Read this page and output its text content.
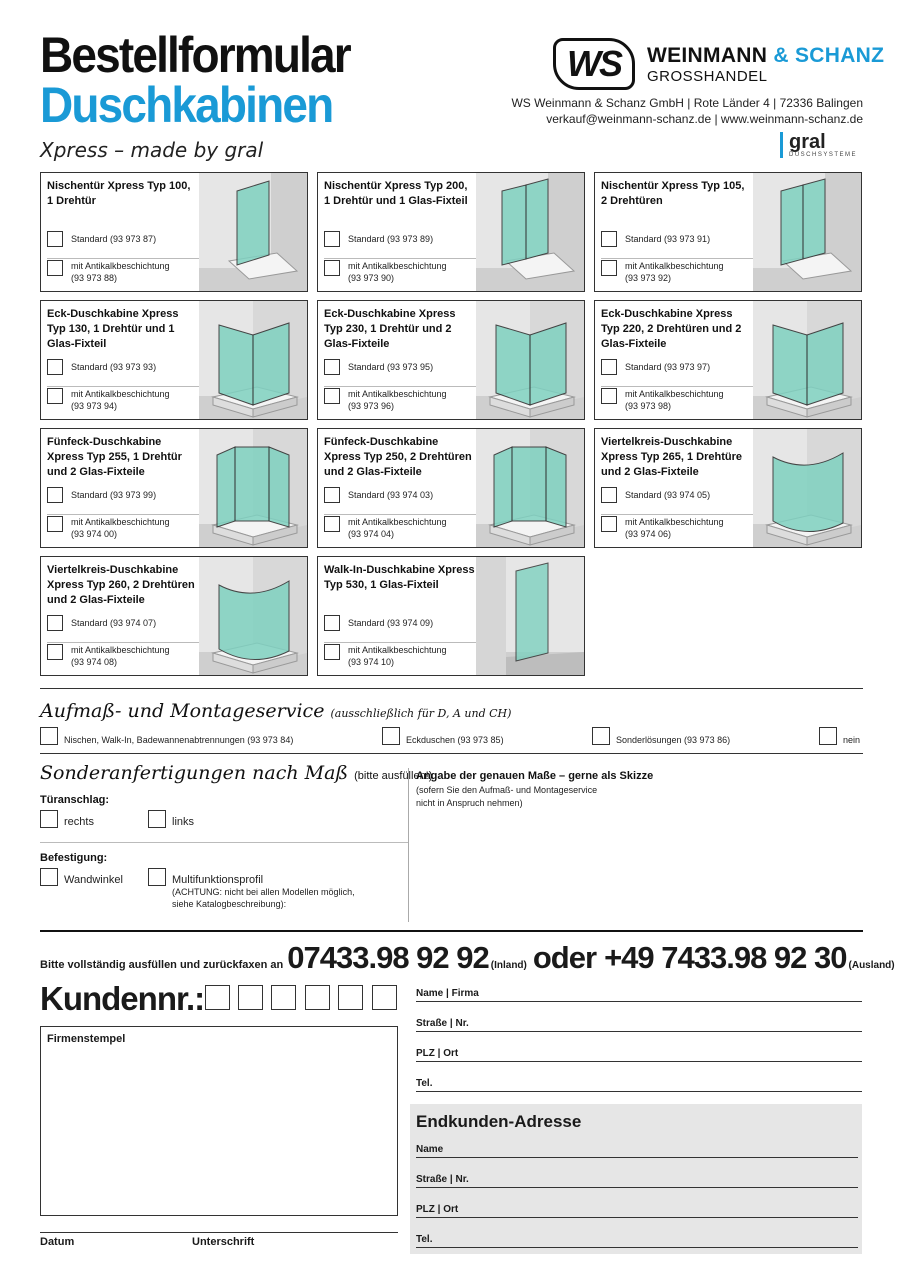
Bestellformular
Duschkabinen
Xpress – made by gral
WS WEINMANN & SCHANZ
GROSSHANDEL
WS Weinmann & Schanz GmbH | Rote Länder 4 | 72336 Balingen
verkauf@weinmann-schanz.de | www.weinmann-schanz.de
gral
DUSCHSYSTEME
Nischentür Xpress Typ 100, 1 Drehtür
Standard (93 973 87)
mit Antikalkbeschichtung
(93 973 88)
Nischentür Xpress Typ 200, 1 Drehtür und 1 Glas-Fixteil
Standard (93 973 89)
mit Antikalkbeschichtung
(93 973 90)
Nischentür Xpress Typ 105, 2 Drehtüren
Standard (93 973 91)
mit Antikalkbeschichtung
(93 973 92)
Eck-Duschkabine Xpress Typ 130, 1 Drehtür und 1 Glas-Fixteil
Standard (93 973 93)
mit Antikalkbeschichtung
(93 973 94)
Eck-Duschkabine Xpress Typ 230, 1 Drehtür und 2 Glas-Fixteile
Standard (93 973 95)
mit Antikalkbeschichtung
(93 973 96)
Eck-Duschkabine Xpress Typ 220, 2 Drehtüren und 2 Glas-Fixteile
Standard (93 973 97)
mit Antikalkbeschichtung
(93 973 98)
Fünfeck-Duschkabine Xpress Typ 255, 1 Drehtür und 2 Glas-Fixteile
Standard (93 973 99)
mit Antikalkbeschichtung
(93 974 00)
Fünfeck-Duschkabine Xpress Typ 250, 2 Drehtüren und 2 Glas-Fixteile
Standard (93 974 03)
mit Antikalkbeschichtung
(93 974 04)
Viertelkreis-Duschkabine Xpress Typ 265, 1 Drehtüre und 2 Glas-Fixteile
Standard (93 974 05)
mit Antikalkbeschichtung
(93 974 06)
Viertelkreis-Duschkabine Xpress Typ 260, 2 Drehtüren und 2 Glas-Fixteile
Standard (93 974 07)
mit Antikalkbeschichtung
(93 974 08)
Walk-In-Duschkabine Xpress Typ 530, 1 Glas-Fixteil
Standard (93 974 09)
mit Antikalkbeschichtung
(93 974 10)
Aufmaß- und Montageservice (ausschließlich für D, A und CH)
Nischen, Walk-In, Badewannenabtrennungen (93 973 84)	Eckduschen (93 973 85)	Sonderlösungen (93 973 86)	nein
Sonderanfertigungen nach Maß (bitte ausfüllen!)
Türanschlag:
rechts	links
Befestigung:
Wandwinkel	Multifunktionsprofil
(ACHTUNG: nicht bei allen Modellen möglich,
siehe Katalogbeschreibung):
Angabe der genauen Maße – gerne als Skizze
(sofern Sie den Aufmaß- und Montageservice
nicht in Anspruch nehmen)
Bitte vollständig ausfüllen und zurückfaxen an 07433.98 92 92 (Inland) oder +49 7433.98 92 30 (Ausland)
Kundennr.:
Firmenstempel
Name | Firma
Straße | Nr.
PLZ | Ort
Tel.
Endkunden-Adresse
Name
Straße | Nr.
PLZ | Ort
Tel.
Datum	Unterschrift
